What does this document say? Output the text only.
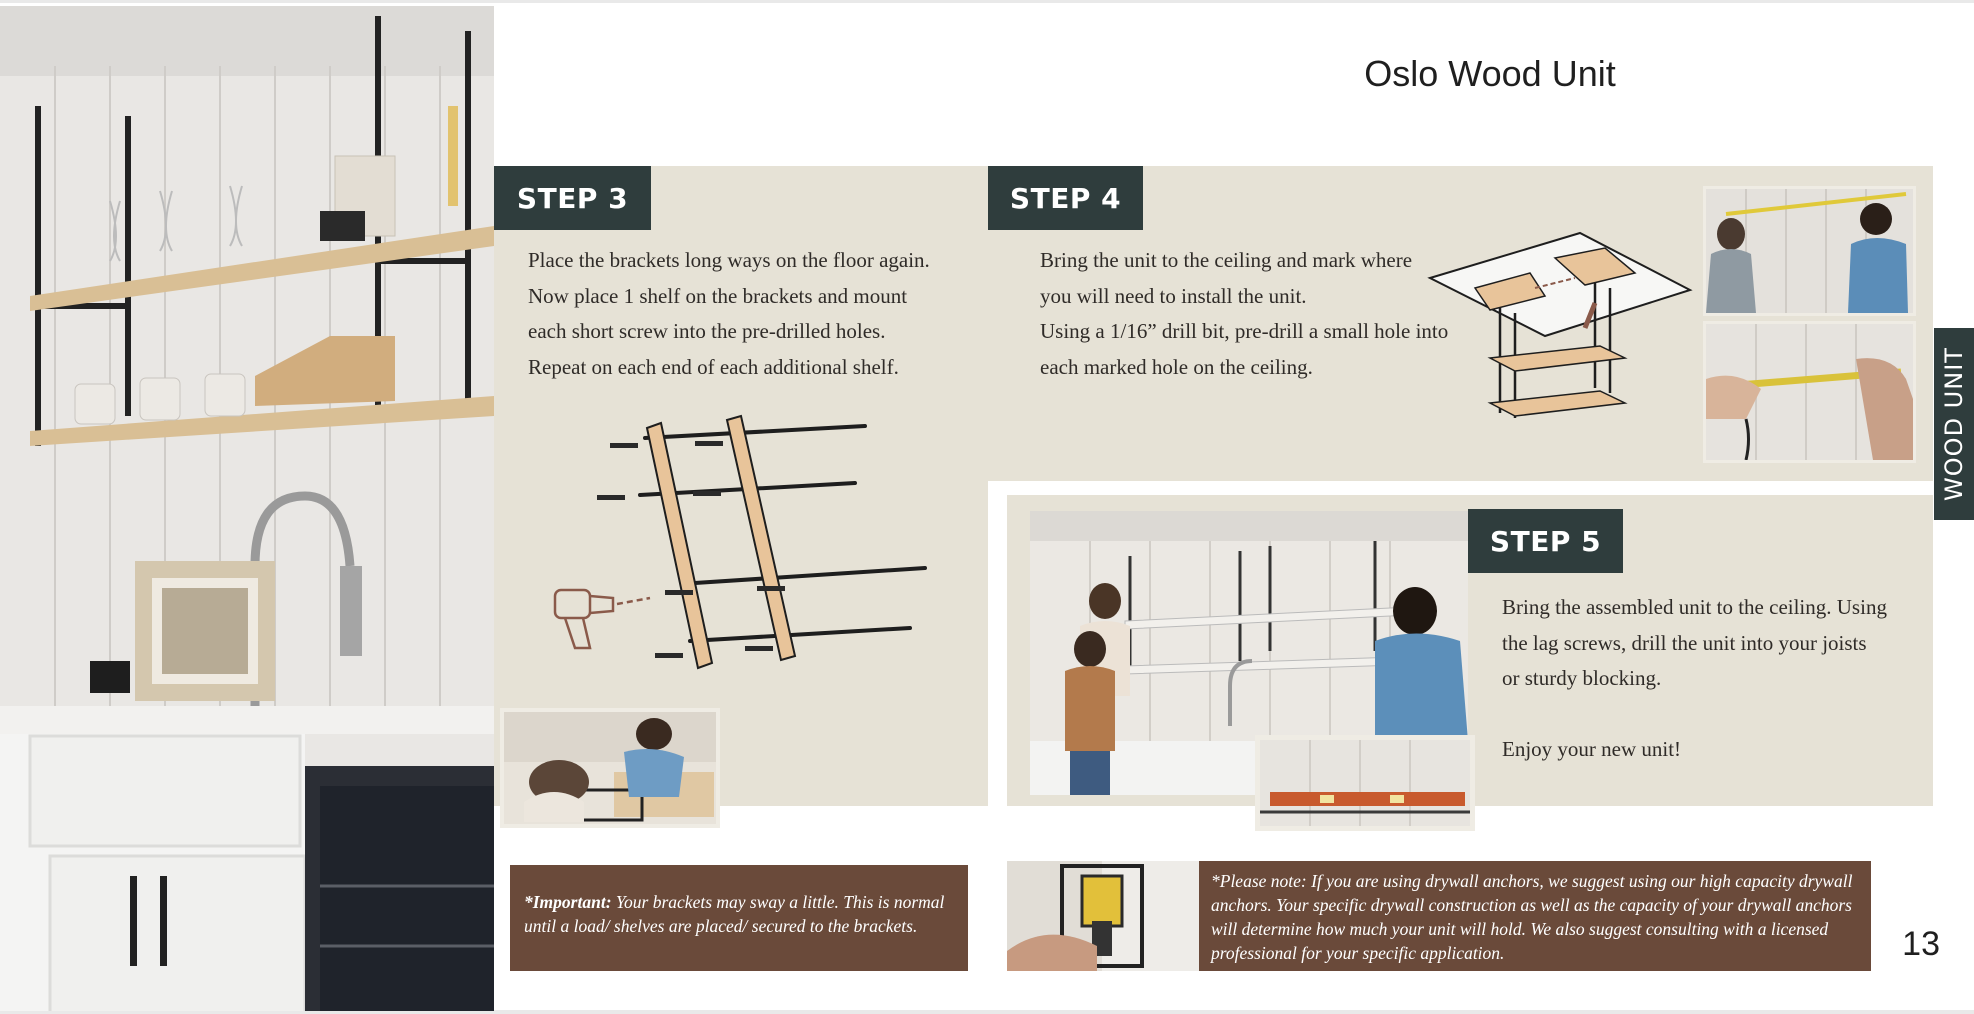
Oslo Wood Unit
STEP 3

Place the brackets long ways on the floor again.

Now place 1 shelf on the brackets and mount

each short screw into the pre-drilled holes.

Repeat on each end of each additional shelf.

STEP 4

Bring the unit to the ceiling and mark where

you will need to install the unit.

Using a 1/16” drill bit, pre-drill a small hole into

each marked hole on the ceiling.

STEP 5

Bring the assembled unit to the ceiling. Using

the lag screws, drill the unit into your joists

or sturdy blocking.

Enjoy your new unit!

WOOD UNIT
*Important: Your brackets may sway a little. This is normal until a load/ shelves are placed/ secured to the brackets.
*Please note: If you are using drywall anchors, we suggest using our high capacity drywall anchors. Your specific drywall construction as well as the capacity of your drywall anchors will determine how much your unit will hold. We also suggest consulting with a licensed professional for your specific application.	13
